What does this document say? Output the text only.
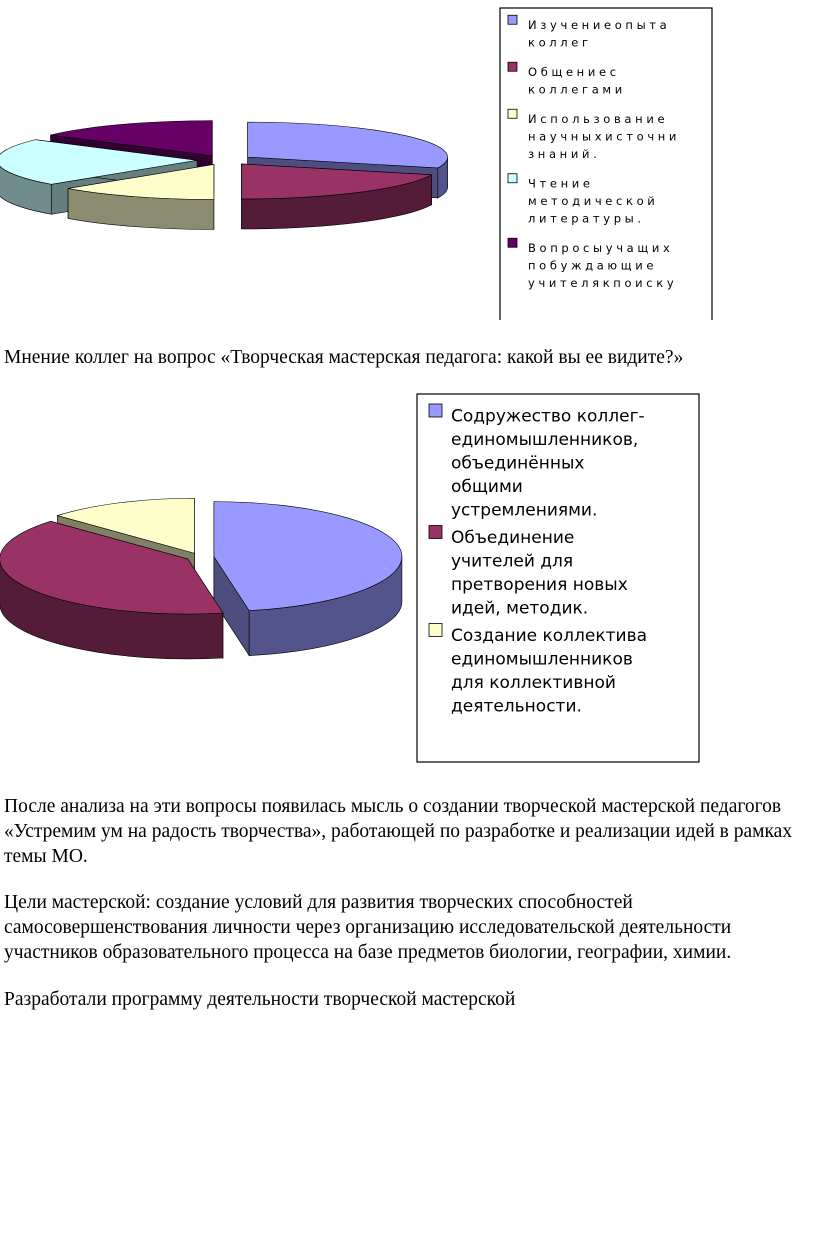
И з у ч е н и е о п ы т а
к о л л е г
О б щ е н и е с
к о л л е г а м и
И с п о л ь з о в а н и е
н а у ч н ы х и с т о ч н и
з н а н и й .
Ч т е н и е
м е т о д и ч е с к о й
л и т е р а т у р ы .
В о п р о с ы у ч а щ и х
п о б у ж д а ю щ и е
у ч и т е л я к п о и с к у

Мнение коллег на вопрос «Творческая мастерская педагога: какой вы ее видите?»

Содружество коллег-
единомышленников,
объединённых
общими
устремлениями.
Объединение
учителей для
претворения новых
идей, методик.
Создание коллектива
единомышленников
для коллективной
деятельности.

После анализа на эти вопросы появилась мысль о создании творческой мастерской педагогов «Устремим ум на радость творчества», работающей по разработке и реализации идей в рамках темы МО.

Цели мастерской: создание условий для развития творческих способностей самосовершенствования личности через организацию исследовательской деятельности участников образовательного процесса на базе предметов биологии, географии, химии.

Разработали программу деятельности творческой мастерской
